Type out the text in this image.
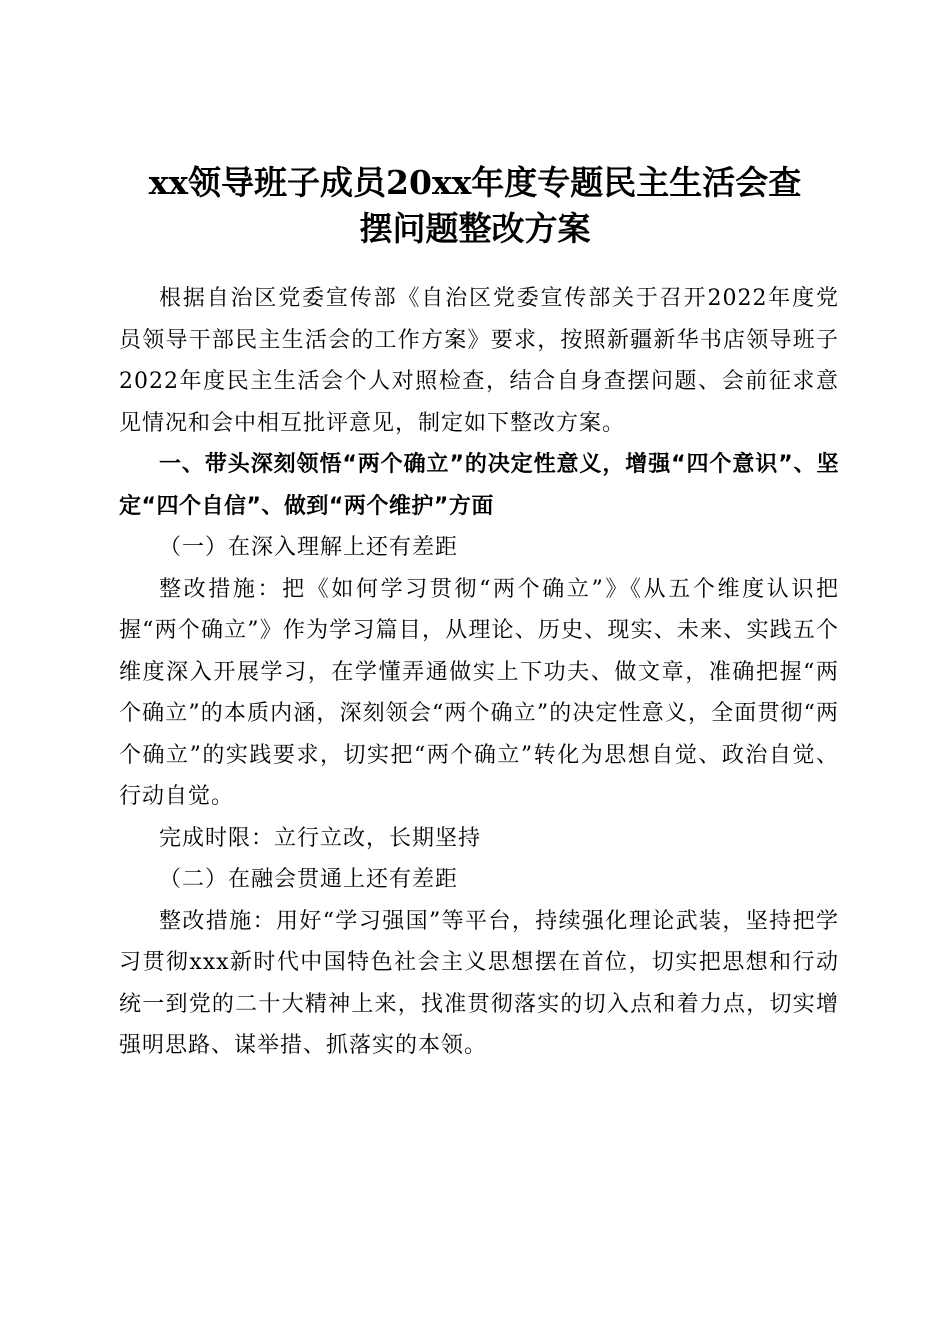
xx领导班子成员20xx年度专题民主生活会查
摆问题整改方案

根据自治区党委宣传部《自治区党委宣传部关于召开2022年度党员领导干部民主生活会的工作方案》要求，按照新疆新华书店领导班子2022年度民主生活会个人对照检查，结合自身查摆问题、会前征求意见情况和会中相互批评意见，制定如下整改方案。

一、带头深刻领悟“两个确立”的决定性意义，增强“四个意识”、坚定“四个自信”、做到“两个维护”方面

（一）在深入理解上还有差距

整改措施：把《如何学习贯彻“两个确立”》《从五个维度认识把握“两个确立”》作为学习篇目，从理论、历史、现实、未来、实践五个维度深入开展学习，在学懂弄通做实上下功夫、做文章，准确把握“两个确立”的本质内涵，深刻领会“两个确立”的决定性意义，全面贯彻“两个确立”的实践要求，切实把“两个确立”转化为思想自觉、政治自觉、行动自觉。

完成时限：立行立改，长期坚持

（二）在融会贯通上还有差距

整改措施：用好“学习强国”等平台，持续强化理论武装，坚持把学习贯彻xxx新时代中国特色社会主义思想摆在首位，切实把思想和行动统一到党的二十大精神上来，找准贯彻落实的切入点和着力点，切实增强明思路、谋举措、抓落实的本领。
